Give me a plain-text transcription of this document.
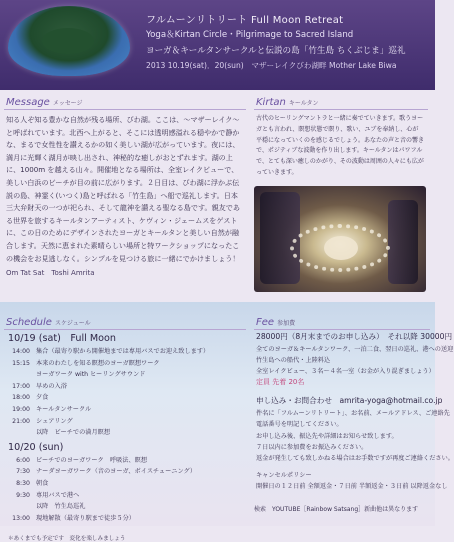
フルムーンリトリート Full Moon Retreat
Yoga＆Kirtan Circle・Pilgrimage to Sacred Island
ヨーガ＆キールタンサークルと伝説の島「竹生島 ちくぶじま」巡礼
2013 10.19(sat)．20(sun)　マザーレイクびわ湖畔 Mother Lake Biwa
Message メッセージ
知る人ぞ知る豊かな自然が残る場所、びわ湖。ここは、～マザーレイク～と呼ばれています。北西へ上がると、そこには透明感溢れる穏やかで静かな、まるで女性性を讃えるかの如く美しい湖が広がっています。夜には、満月に光輝く湖月が映し出され、神秘的な癒しがおとずれます。湖の上に、1000m を越える山々。開催地となる場所は、全室レイクビューで、美しい白浜のビーチが目の前に広がります。２日目は、びわ湖に浮かぶ伝説の島、神霊く(いつく)島と呼ばれる「竹生島」へ船で巡礼します。日本三大弁財天の一つが祀られ、そして龍神を讃える聖なる島です。親友である世界を旅するキールタンアーティスト、ケヴィン・ジェームスをゲストに、この日のためにデザインされたヨーガとキールタンと美しい自然が融合します。天然に恵まれた素晴らしい場所と特ワークショップになったこの機会をお見逃しなく。シンプルを見つける旅に一緒にでかけましょう！
Om Tat Sat　Toshi Amrita
Kirtan キールタン
古代のヒーリングマントラと一緒に奏でていきます。歌うヨーガとも言われ、瞑想状態で瞑り、歌い、ユブを奉納し、心が平穏になっていくのを感じるでしょう。あなたの声と音の響きで、ポジティブな波動を作り出します。キールタンはパワフルで、とても深い癒しのかがり、その波動は周囲の人々にも広がっていきます。
Schedule スケジュール
10/19 (sat)　Full Moon
14:00 集合（最寄り駅から開催地までは専用バスでお迎え致します）
15:15 本来のわたしを知る瞑想のヨーガ瞑想ワーク
ヨーガワーク with ヒーリングサウンド
17:00 早めの入浴
18:00 夕食
19:00 キールタンサークル
21:00 シェアリング
以降　ビーチでの満月瞑想
10/20 (sun)
6:00 ビーチでのヨーガワーク　呼吸法、瞑想
7:30 ナーダヨーガワーク（音のヨーガ、ボイスチューニング）
8:30 朝食
9:30 専用バスで港へ
以降　竹生島巡礼
13:00 現地解散（最寄り駅まで徒歩５分）
＊あくまでも予定です　変化を楽しみましょう
Fee 参加費
28000円（8月末までのお申し込み）　それ以降 30000円
全てのヨーガ＆キールタンワーク、一泊二食、翌日の巡礼、港への送迎
竹生島への船代・上陸料込
全室レイクビュー、３名〜４名一室（お金が入り混ぎましょう）
定員 先着 20名
申し込み・お問合わせ　amrita-yoga@hotmail.co.jp
件名に「フルムーンリトリート」、お名前、メールアドレス、ご連絡先
電話番号を明記してください。
お申し込み後、振込先や詳細はお知らせ致します。
７日以内に参加費をお振込みください。
返金が発生しても致しかねる場合はお手数ですが再度ご連絡ください。
キャンセルポリシー
開催日の１２日前 全額返金・７日前 半額返金・３日前 以降返金なし
検索　YOUTUBE［Rainbow Satsang］新曲他は異なります
